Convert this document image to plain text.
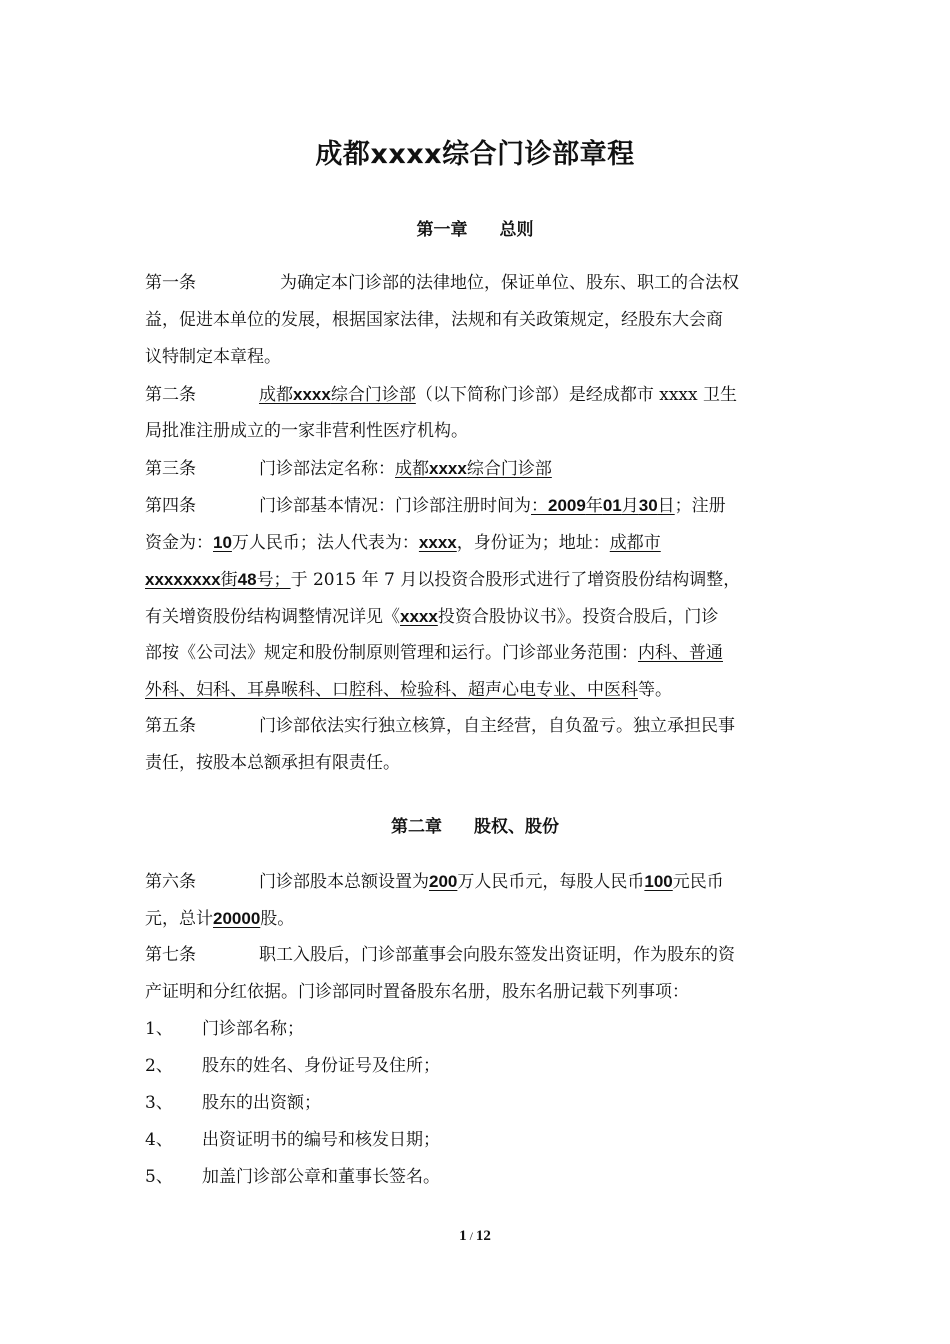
成都xxxx综合门诊部章程
第一章 总则
第一条	为确定本门诊部的法律地位，保证单位、股东、职工的合法权
益，促进本单位的发展，根据国家法律，法规和有关政策规定，经股东大会商
议特制定本章程。
第二条	成都xxxx综合门诊部（以下简称门诊部）是经成都市 xxxx 卫生
局批准注册成立的一家非营利性医疗机构。
第三条	门诊部法定名称：成都xxxx综合门诊部
第四条	门诊部基本情况：门诊部注册时间为：2009年01月30日；注册
资金为：10万人民币；法人代表为：xxxx，身份证为；地址：成都市
xxxxxxxx街48号；于 2015 年 7 月以投资合股形式进行了增资股份结构调整，
有关增资股份结构调整情况详见《xxxx投资合股协议书》。投资合股后，门诊
部按《公司法》规定和股份制原则管理和运行。门诊部业务范围：内科、普通
外科、妇科、耳鼻喉科、口腔科、检验科、超声心电专业、中医科等。
第五条	门诊部依法实行独立核算，自主经营，自负盈亏。独立承担民事
责任，按股本总额承担有限责任。
第二章 股权、股份
第六条	门诊部股本总额设置为200万人民币元，每股人民币100元民币
元，总计20000股。
第七条	职工入股后，门诊部董事会向股东签发出资证明，作为股东的资
产证明和分红依据。门诊部同时置备股东名册，股东名册记载下列事项：
1、 门诊部名称；
2、 股东的姓名、身份证号及住所；
3、 股东的出资额；
4、 出资证明书的编号和核发日期；
5、 加盖门诊部公章和董事长签名。
1 / 12
